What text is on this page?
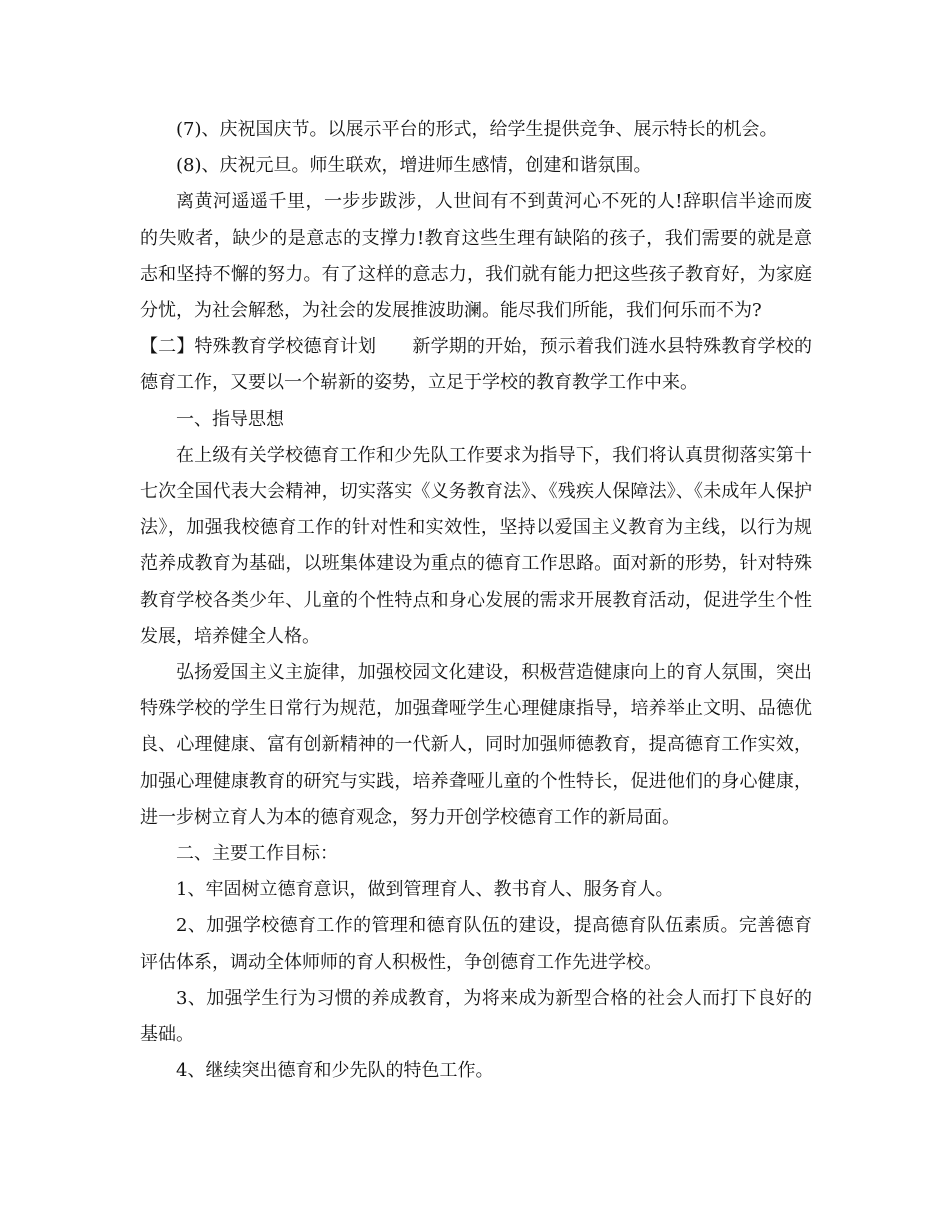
(7)、庆祝国庆节。以展示平台的形式，给学生提供竞争、展示特长的机会。

(8)、庆祝元旦。师生联欢，增进师生感情，创建和谐氛围。

离黄河遥遥千里，一步步跋涉，人世间有不到黄河心不死的人!辞职信半途而废的失败者，缺少的是意志的支撑力!教育这些生理有缺陷的孩子，我们需要的就是意志和坚持不懈的努力。有了这样的意志力，我们就有能力把这些孩子教育好，为家庭分忧，为社会解愁，为社会的发展推波助澜。能尽我们所能，我们何乐而不为?

【二】特殊教育学校德育计划 新学期的开始，预示着我们涟水县特殊教育学校的德育工作，又要以一个崭新的姿势，立足于学校的教育教学工作中来。

一、指导思想

在上级有关学校德育工作和少先队工作要求为指导下，我们将认真贯彻落实第十七次全国代表大会精神，切实落实《义务教育法》、《残疾人保障法》、《未成年人保护法》，加强我校德育工作的针对性和实效性，坚持以爱国主义教育为主线，以行为规范养成教育为基础，以班集体建设为重点的德育工作思路。面对新的形势，针对特殊教育学校各类少年、儿童的个性特点和身心发展的需求开展教育活动，促进学生个性发展，培养健全人格。

弘扬爱国主义主旋律，加强校园文化建设，积极营造健康向上的育人氛围，突出特殊学校的学生日常行为规范，加强聋哑学生心理健康指导，培养举止文明、品德优良、心理健康、富有创新精神的一代新人，同时加强师德教育，提高德育工作实效，加强心理健康教育的研究与实践，培养聋哑儿童的个性特长，促进他们的身心健康，进一步树立育人为本的德育观念，努力开创学校德育工作的新局面。

二、主要工作目标：

1、牢固树立德育意识，做到管理育人、教书育人、服务育人。

2、加强学校德育工作的管理和德育队伍的建设，提高德育队伍素质。完善德育评估体系，调动全体师师的育人积极性，争创德育工作先进学校。

3、加强学生行为习惯的养成教育，为将来成为新型合格的社会人而打下良好的基础。

4、继续突出德育和少先队的特色工作。
